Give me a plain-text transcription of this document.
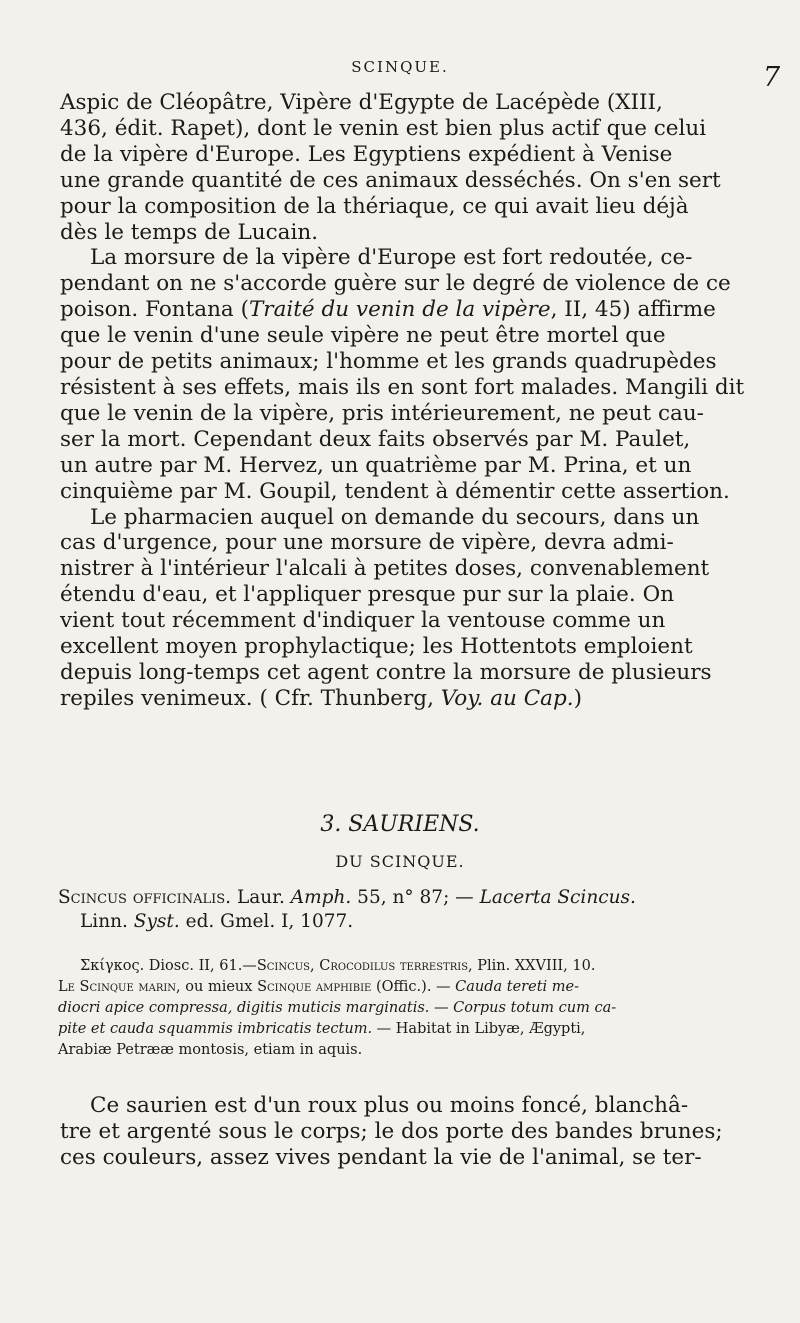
SCINQUE.	7
Aspic de Cléopâtre, Vipère d'Egypte de Lacépède (XIII,
436, édit. Rapet), dont le venin est bien plus actif que celui
de la vipère d'Europe. Les Egyptiens expédient à Venise
une grande quantité de ces animaux desséchés. On s'en sert
pour la composition de la thériaque, ce qui avait lieu déjà
dès le temps de Lucain.
La morsure de la vipère d'Europe est fort redoutée, ce-
pendant on ne s'accorde guère sur le degré de violence de ce
poison. Fontana (Traité du venin de la vipère, II, 45) affirme
que le venin d'une seule vipère ne peut être mortel que
pour de petits animaux; l'homme et les grands quadrupèdes
résistent à ses effets, mais ils en sont fort malades. Mangili dit
que le venin de la vipère, pris intérieurement, ne peut cau-
ser la mort. Cependant deux faits observés par M. Paulet,
un autre par M. Hervez, un quatrième par M. Prina, et un
cinquième par M. Goupil, tendent à démentir cette assertion.
Le pharmacien auquel on demande du secours, dans un
cas d'urgence, pour une morsure de vipère, devra admi-
nistrer à l'intérieur l'alcali à petites doses, convenablement
étendu d'eau, et l'appliquer presque pur sur la plaie. On
vient tout récemment d'indiquer la ventouse comme un
excellent moyen prophylactique; les Hottentots emploient
depuis long-temps cet agent contre la morsure de plusieurs
repiles venimeux. ( Cfr. Thunberg, Voy. au Cap.)
3. SAURIENS.
DU SCINQUE.
Scincus officinalis. Laur. Amph. 55, n° 87; — Lacerta Scincus.
Linn. Syst. ed. Gmel. I, 1077.
Σκίγκος. Diosc. II, 61.—Scincus, Crocodilus terrestris, Plin. XXVIII, 10.
Le Scinque marin, ou mieux Scinque amphibie (Offic.). — Cauda tereti me-
diocri apice compressa, digitis muticis marginatis. — Corpus totum cum ca-
pite et cauda squammis imbricatis tectum. — Habitat in Libyæ, Ægypti,
Arabiæ Petrææ montosis, etiam in aquis.
Ce saurien est d'un roux plus ou moins foncé, blanchâ-
tre et argenté sous le corps; le dos porte des bandes brunes;
ces couleurs, assez vives pendant la vie de l'animal, se ter-
